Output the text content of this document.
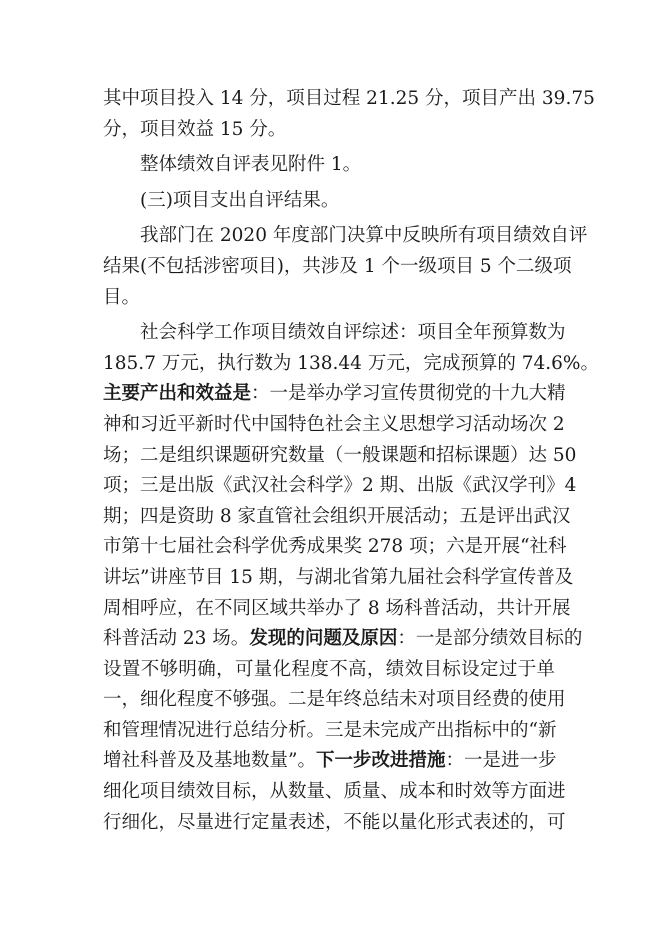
其中项目投入 14 分，项目过程 21.25 分，项目产出 39.75
分，项目效益 15 分。
整体绩效自评表见附件 1。
(三)项目支出自评结果。
我部门在 2020 年度部门决算中反映所有项目绩效自评
结果(不包括涉密项目)，共涉及 1 个一级项目 5 个二级项
目。
社会科学工作项目绩效自评综述：项目全年预算数为
185.7 万元，执行数为 138.44 万元，完成预算的 74.6%。
主要产出和效益是 ：一是举办学习宣传贯彻党的十九大精
神和习近平新时代中国特色社会主义思想学习活动场次 2
场；二是组织课题研究数量（一般课题和招标课题）达 50
项；三是出版《武汉社会科学》2 期、出版《武汉学刊》4
期；四是资助 8 家直管社会组织开展活动；五是评出武汉
市第十七届社会科学优秀成果奖 278 项；六是开展“社科
讲坛”讲座节目 15 期，与湖北省第九届社会科学宣传普及
周相呼应，在不同区域共举办了 8 场科普活动，共计开展
科普活动 23 场。 发现的问题及原因 ：一是部分绩效目标的
设置不够明确，可量化程度不高，绩效目标设定过于单
一，细化程度不够强。二是年终总结未对项目经费的使用
和管理情况进行总结分析。三是未完成产出指标中的“新
增社科普及及基地数量”。 下一步改进措施 ：一是进一步
细化项目绩效目标，从数量、质量、成本和时效等方面进
行细化，尽量进行定量表述，不能以量化形式表述的，可
